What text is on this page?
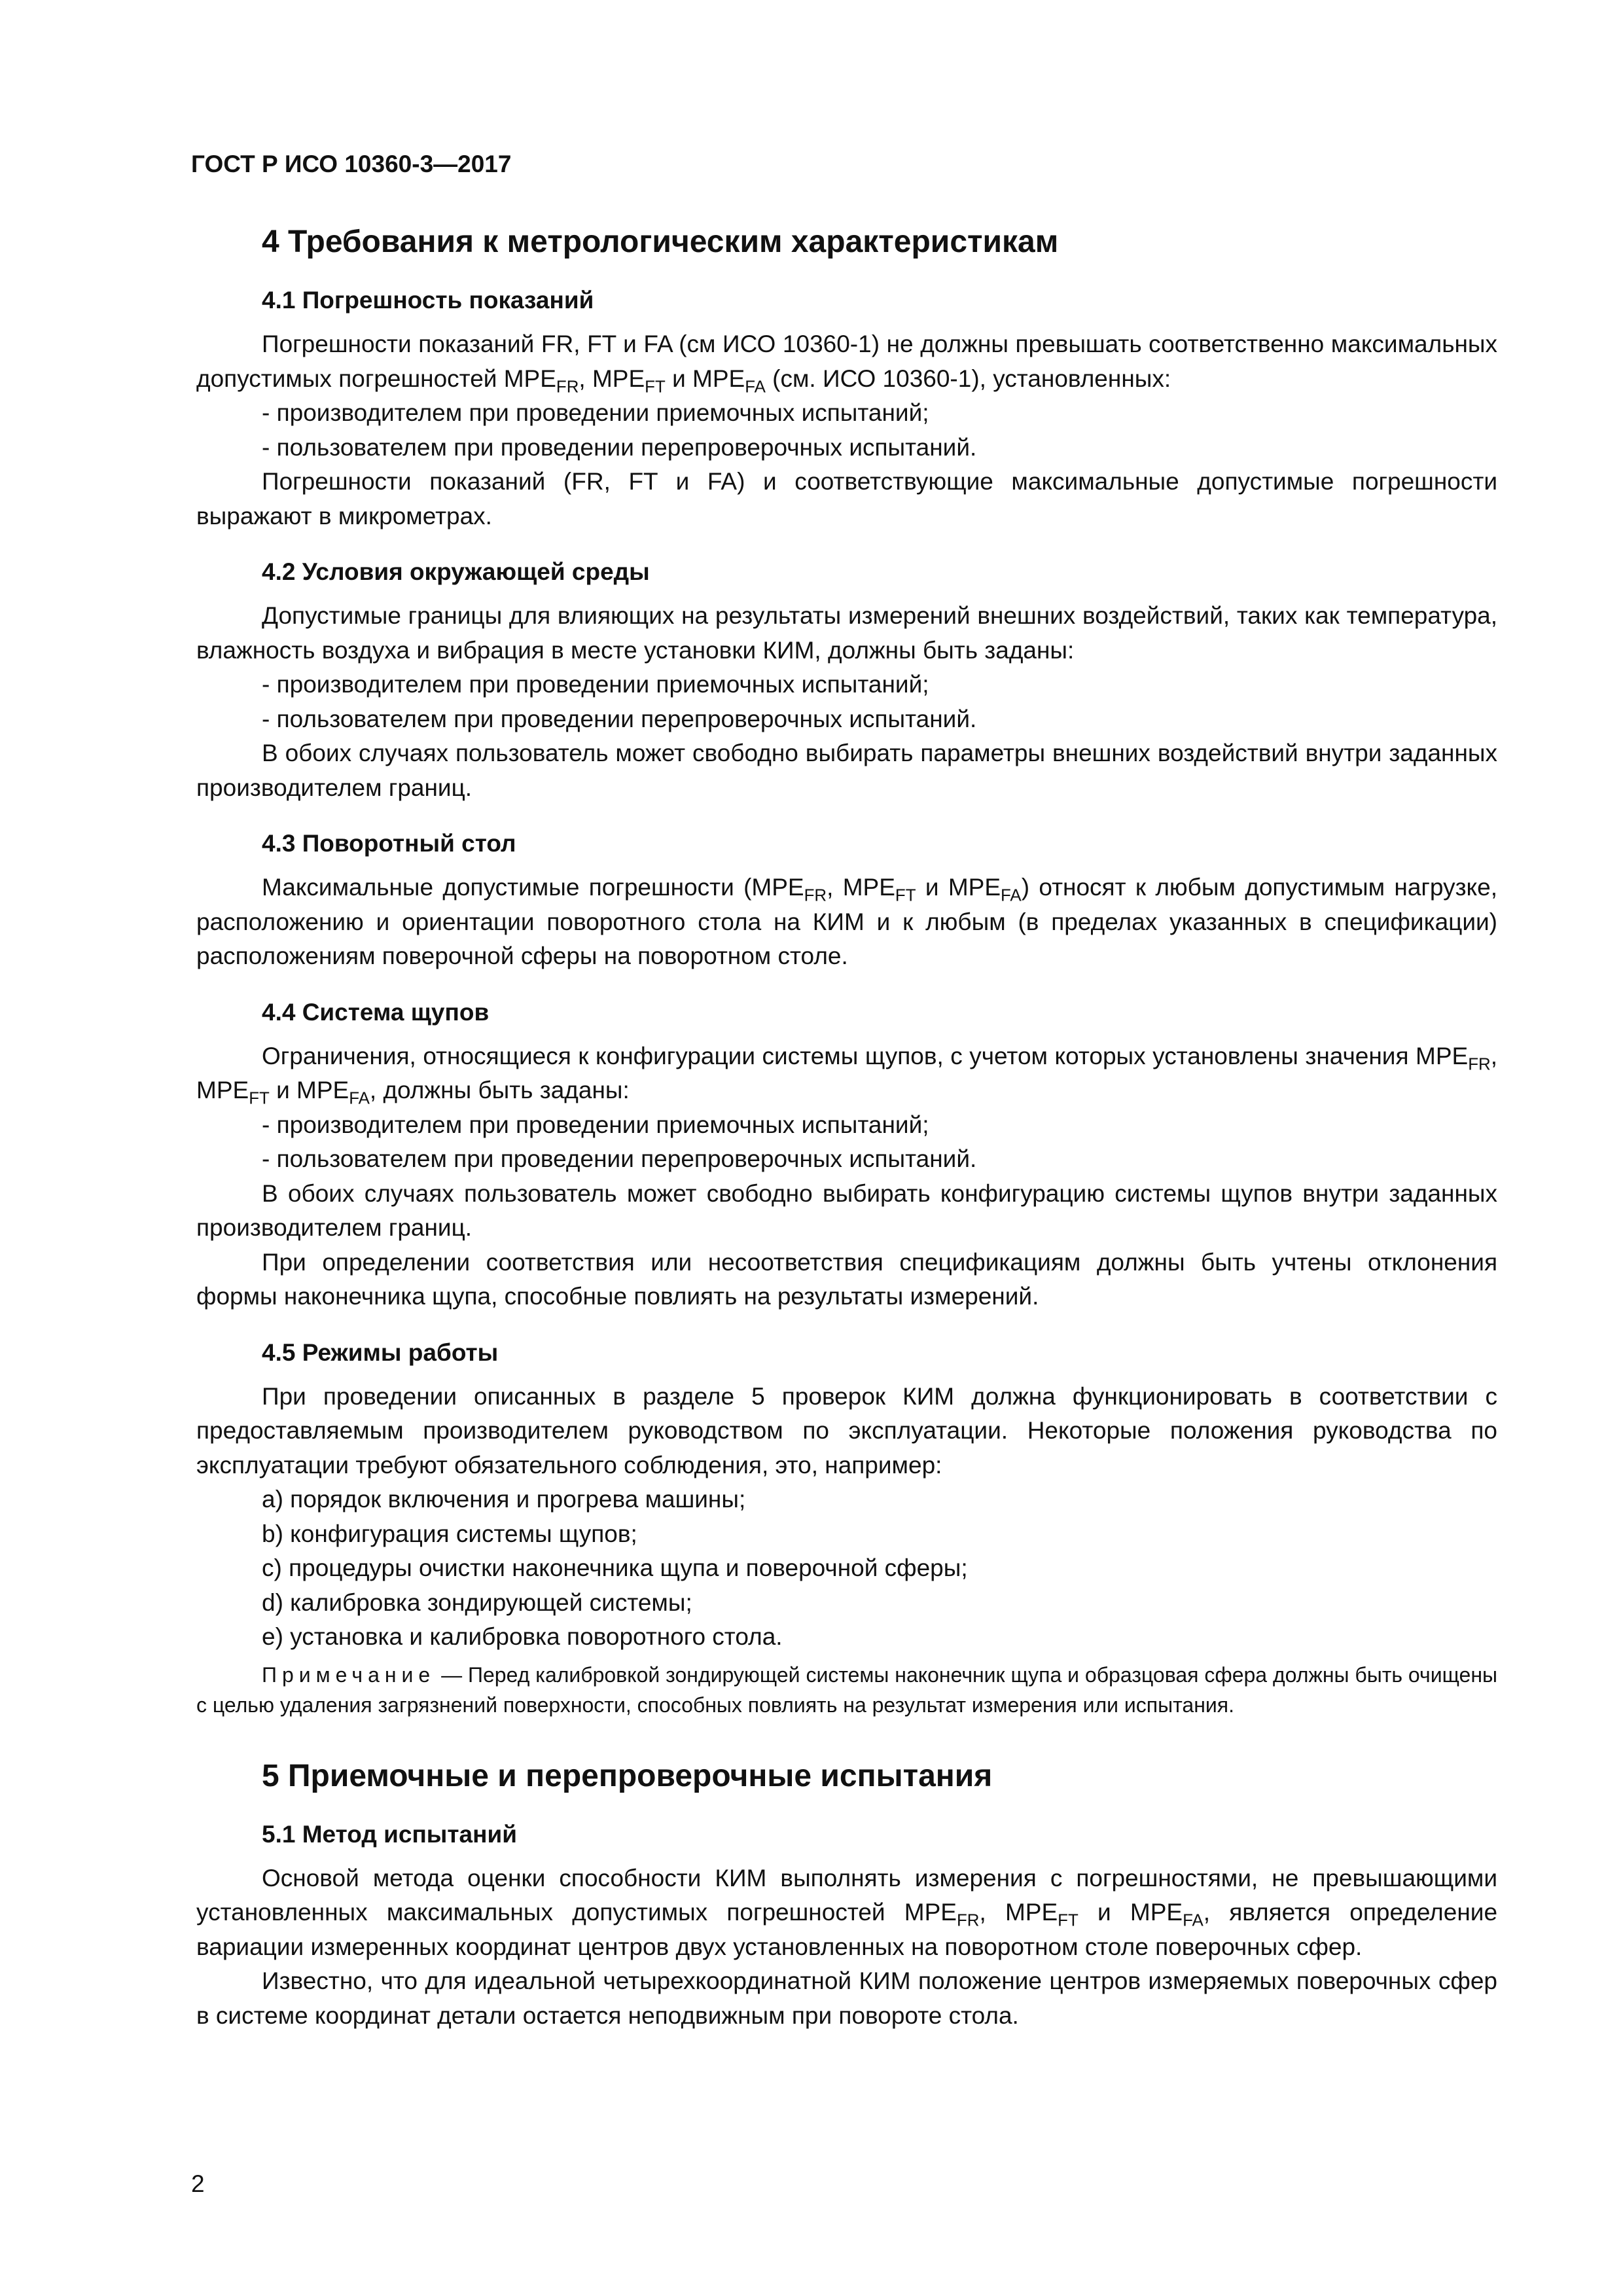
ГОСТ Р ИСО 10360-3—2017
4 Требования к метрологическим характеристикам
4.1 Погрешность показаний

Погрешности показаний FR, FT и FA (см ИСО 10360-1) не должны превышать соответственно максимальных допустимых погрешностей $MPE_{FR}$, $MPE_{FT}$ и $MPE_{FA}$ (см. ИСО 10360-1), установленных:

- производителем при проведении приемочных испытаний;

- пользователем при проведении перепроверочных испытаний.

Погрешности показаний (FR, FT и FA) и соответствующие максимальные допустимые погрешности выражают в микрометрах.

4.2 Условия окружающей среды

Допустимые границы для влияющих на результаты измерений внешних воздействий, таких как температура, влажность воздуха и вибрация в месте установки КИМ, должны быть заданы:

- производителем при проведении приемочных испытаний;

- пользователем при проведении перепроверочных испытаний.

В обоих случаях пользователь может свободно выбирать параметры внешних воздействий внутри заданных производителем границ.

4.3 Поворотный стол

Максимальные допустимые погрешности ($MPE_{FR}$, $MPE_{FT}$ и $MPE_{FA}$) относят к любым допустимым нагрузке, расположению и ориентации поворотного стола на КИМ и к любым (в пределах указанных в спецификации) расположениям поверочной сферы на поворотном столе.

4.4 Система щупов

Ограничения, относящиеся к конфигурации системы щупов, с учетом которых установлены значения $MPE_{FR}$, $MPE_{FT}$ и $MPE_{FA}$, должны быть заданы:

- производителем при проведении приемочных испытаний;

- пользователем при проведении перепроверочных испытаний.

В обоих случаях пользователь может свободно выбирать конфигурацию системы щупов внутри заданных производителем границ.

При определении соответствия или несоответствия спецификациям должны быть учтены отклонения формы наконечника щупа, способные повлиять на результаты измерений.

4.5 Режимы работы

При проведении описанных в разделе 5 проверок КИМ должна функционировать в соответствии с предоставляемым производителем руководством по эксплуатации. Некоторые положения руководства по эксплуатации требуют обязательного соблюдения, это, например:

a) порядок включения и прогрева машины;

b) конфигурация системы щупов;

c) процедуры очистки наконечника щупа и поверочной сферы;

d) калибровка зондирующей системы;

e) установка и калибровка поворотного стола.

Примечание — Перед калибровкой зондирующей системы наконечник щупа и образцовая сфера должны быть очищены с целью удаления загрязнений поверхности, способных повлиять на результат измерения или испытания.

5 Приемочные и перепроверочные испытания
5.1 Метод испытаний

Основой метода оценки способности КИМ выполнять измерения с погрешностями, не превышающими установленных максимальных допустимых погрешностей $MPE_{FR}$, $MPE_{FT}$ и $MPE_{FA}$, является определение вариации измеренных координат центров двух установленных на поворотном столе поверочных сфер.

Известно, что для идеальной четырехкоординатной КИМ положение центров измеряемых поверочных сфер в системе координат детали остается неподвижным при повороте стола.

2
